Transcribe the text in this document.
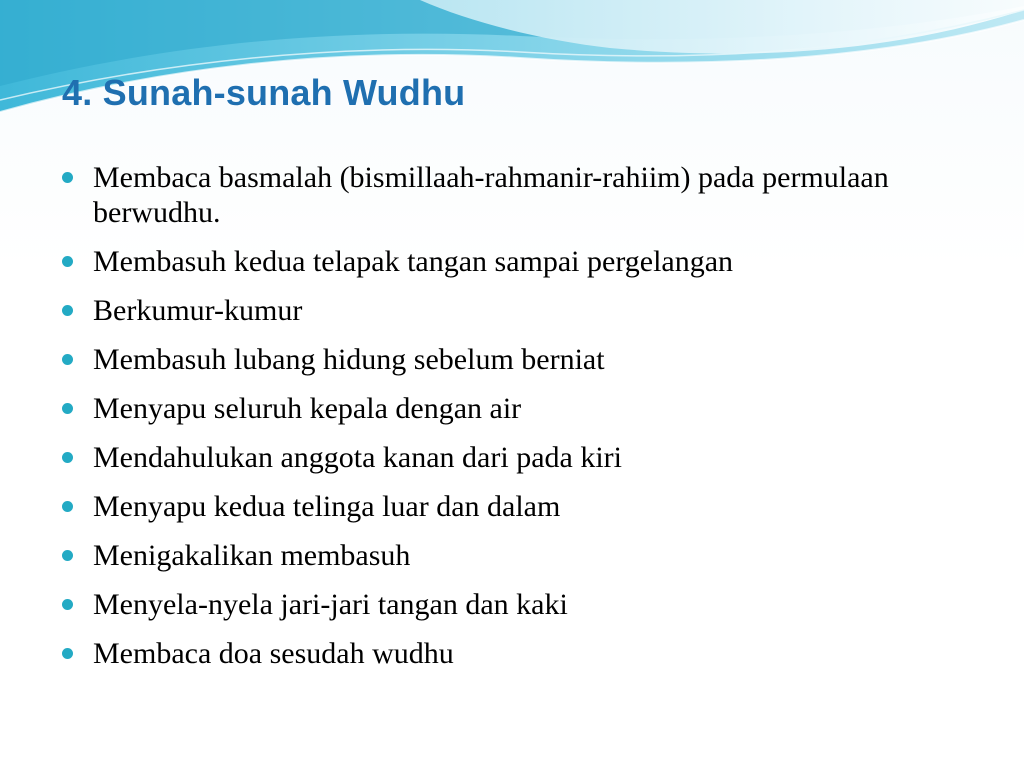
4. Sunah-sunah Wudhu
Membaca basmalah (bismillaah-rahmanir-rahiim) pada permulaan berwudhu.
Membasuh kedua telapak tangan sampai pergelangan
Berkumur-kumur
Membasuh lubang hidung sebelum berniat
Menyapu seluruh kepala dengan air
Mendahulukan anggota kanan dari pada kiri
Menyapu kedua telinga luar dan dalam
Menigakalikan membasuh
Menyela-nyela jari-jari tangan dan kaki
Membaca doa sesudah wudhu
